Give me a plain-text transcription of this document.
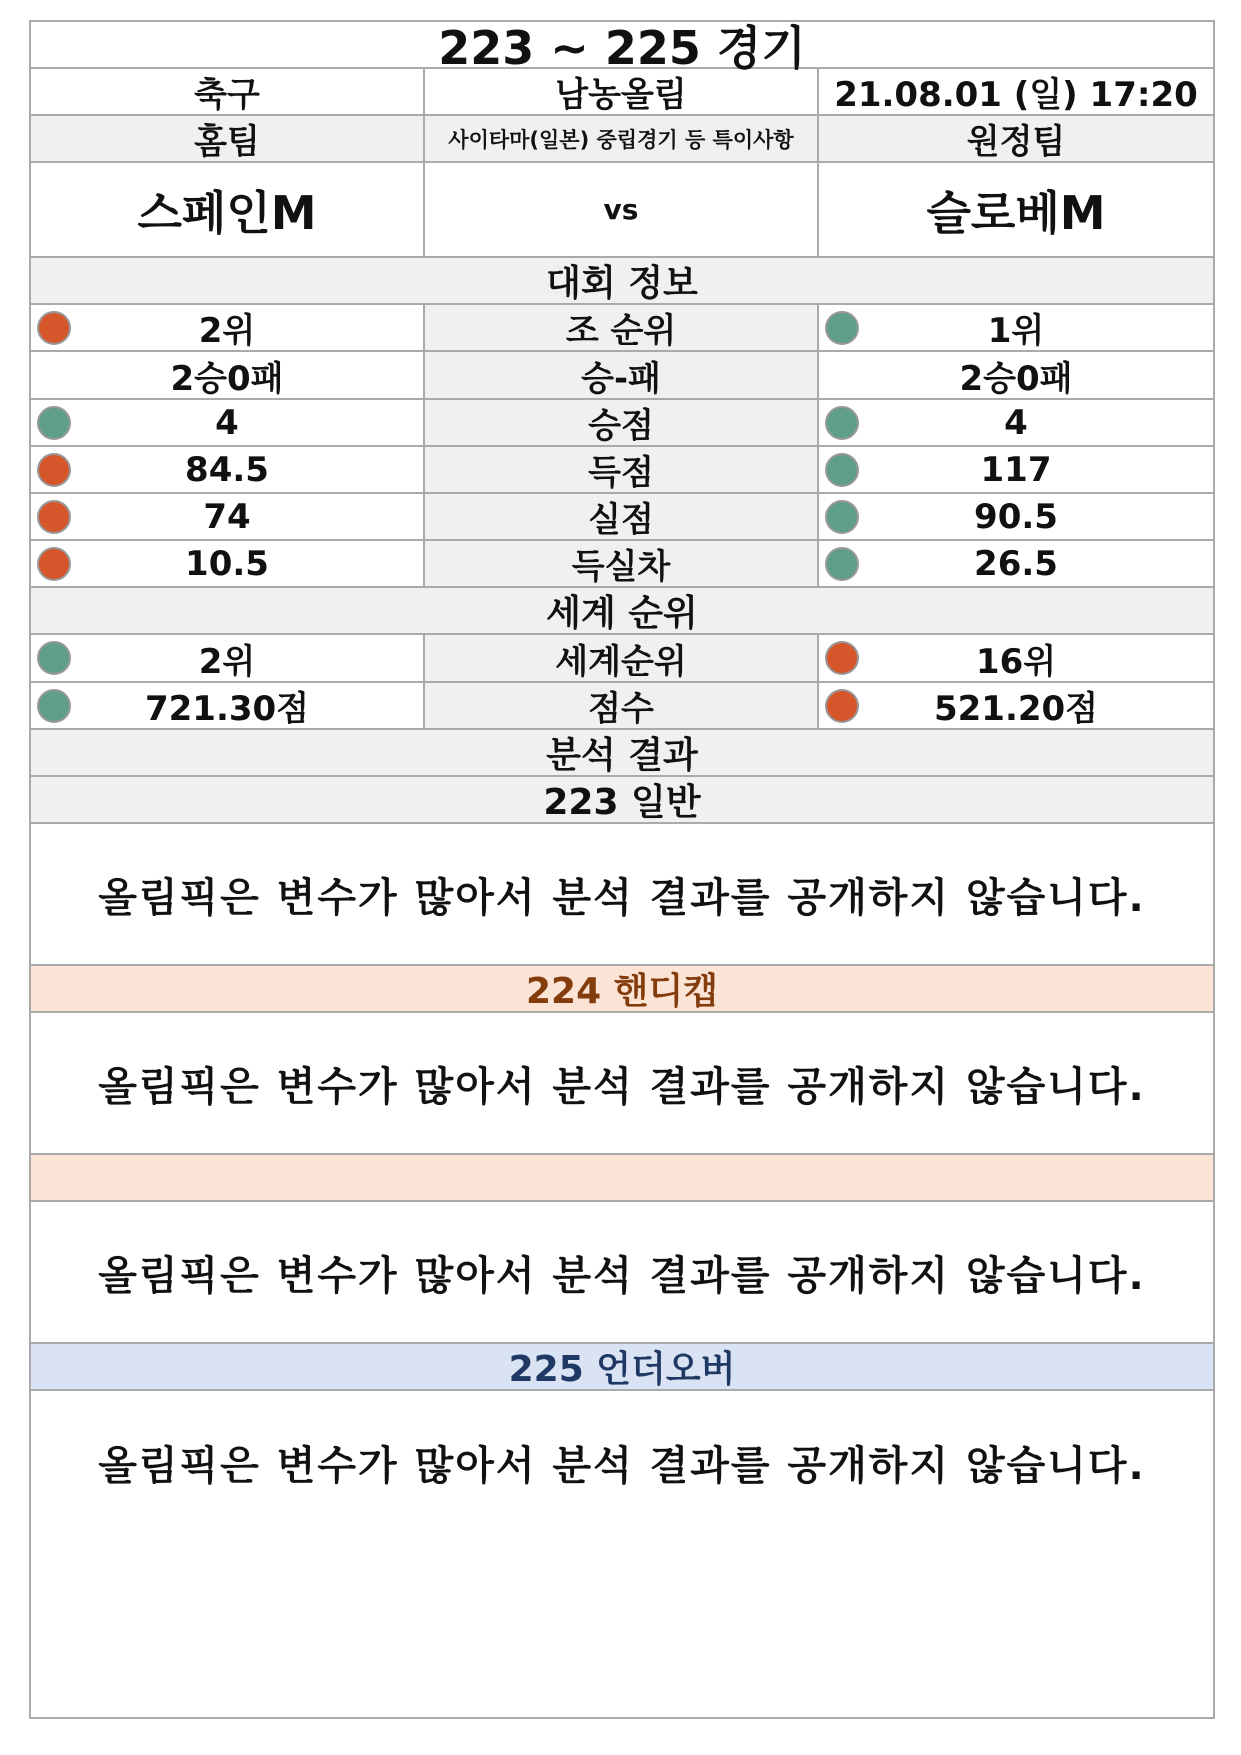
223 ~ 225 경기
축구	남농올림	21.08.01 (일) 17:20
홈팀	사이타마(일본) 중립경기 등 특이사항	원정팀
스페인M	vs	슬로베M
대회 정보
2위	조 순위	1위
2승0패	승-패	2승0패
4	승점	4
84.5	득점	117
74	실점	90.5
10.5	득실차	26.5
세계 순위
2위	세계순위	16위
721.30점	점수	521.20점
분석 결과
223 일반
올림픽은 변수가 많아서 분석 결과를 공개하지 않습니다.
224 핸디캡
올림픽은 변수가 많아서 분석 결과를 공개하지 않습니다.
올림픽은 변수가 많아서 분석 결과를 공개하지 않습니다.
225 언더오버
올림픽은 변수가 많아서 분석 결과를 공개하지 않습니다.
